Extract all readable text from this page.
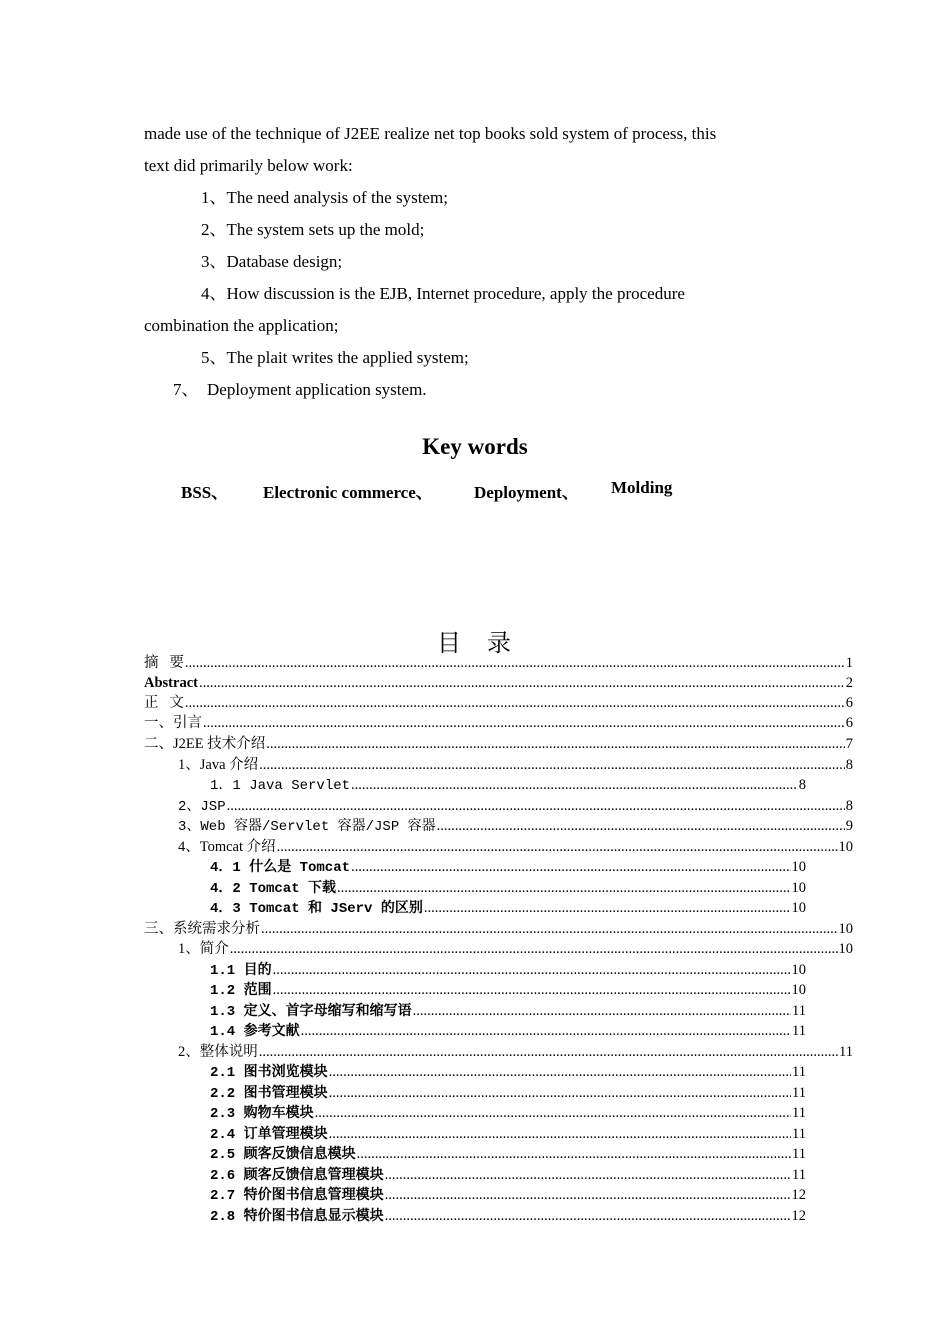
made use of the technique of J2EE realize net top books sold system of process, this
text did primarily below work:
1、The need analysis of the system;
2、The system sets up the mold;
3、Database design;
4、How discussion is the EJB, Internet procedure, apply the procedure
combination the application;
5、The plait writes the applied system;
7、  Deployment application system.
Key words
BSS、 Electronic commerce、 Deployment、 Molding
目   录
摘   要 .....	1
Abstract .....	2
正   文 .....	6
一、引言 .....	6
二、J2EE 技术介绍 .....	7
1、Java 介绍 .....	8
1．1 Java Servlet .....	8
2、JSP .....	8
3、Web 容器/Servlet 容器/JSP 容器 .....	9
4、Tomcat 介绍 .....	10
4．1 什么是 Tomcat .....	10
4．2 Tomcat 下载 .....	10
4．3 Tomcat 和 JServ 的区别 .....	10
三、系统需求分析 .....	10
1、简介 .....	10
1.1 目的 .....	10
1.2 范围 .....	10
1.3 定义、首字母缩写和缩写语 .....	11
1.4 参考文献 .....	11
2、整体说明 .....	11
2.1 图书浏览模块 .....	11
2.2 图书管理模块 .....	11
2.3 购物车模块 .....	11
2.4 订单管理模块 .....	11
2.5 顾客反馈信息模块 .....	11
2.6 顾客反馈信息管理模块 .....	11
2.7 特价图书信息管理模块 .....	12
2.8 特价图书信息显示模块 .....	12
